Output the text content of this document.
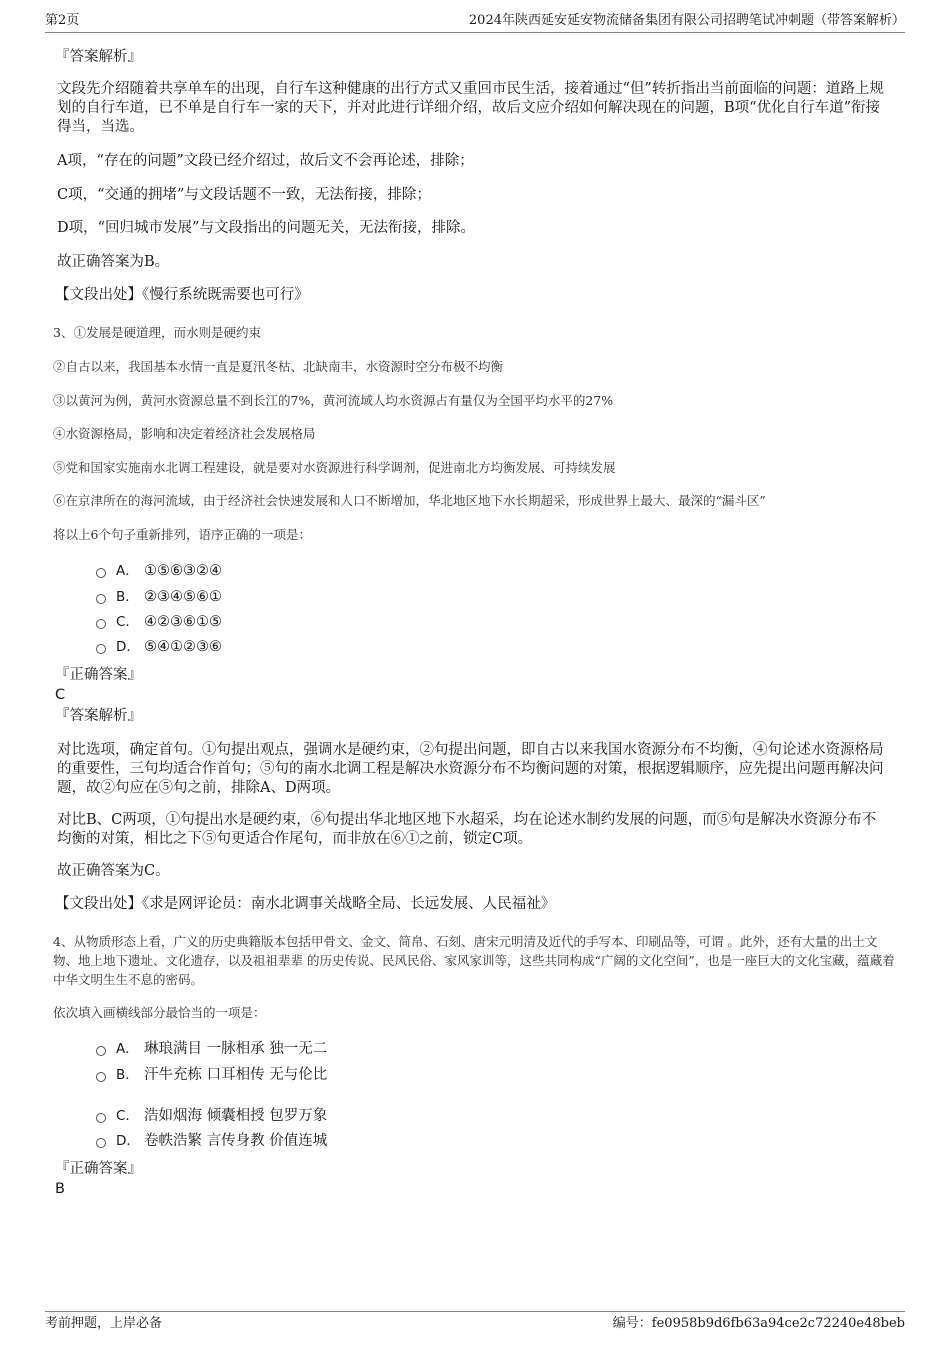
第2页	2024年陕西延安延安物流储备集团有限公司招聘笔试冲刺题（带答案解析）
『答案解析』
文段先介绍随着共享单车的出现，自行车这种健康的出行方式又重回市民生活，接着通过“但”转折指出当前面临的问题：道路上规划的自行车道，已不单是自行车一家的天下，并对此进行详细介绍，故后文应介绍如何解决现在的问题，B项“优化自行车道”衔接得当，当选。
A项，“存在的问题”文段已经介绍过，故后文不会再论述，排除；
C项，“交通的拥堵”与文段话题不一致，无法衔接，排除；
D项，“回归城市发展”与文段指出的问题无关，无法衔接，排除。
故正确答案为B。
【文段出处】《慢行系统既需要也可行》
3、①发展是硬道理，而水则是硬约束
②自古以来，我国基本水情一直是夏汛冬枯、北缺南丰，水资源时空分布极不均衡
③以黄河为例，黄河水资源总量不到长江的7%，黄河流域人均水资源占有量仅为全国平均水平的27%
④水资源格局，影响和决定着经济社会发展格局
⑤党和国家实施南水北调工程建设，就是要对水资源进行科学调剂，促进南北方均衡发展、可持续发展
⑥在京津所在的海河流域，由于经济社会快速发展和人口不断增加，华北地区地下水长期超采，形成世界上最大、最深的“漏斗区”
将以上6个句子重新排列，语序正确的一项是：
A． ①⑤⑥③②④
B． ②③④⑤⑥①
C． ④②③⑥①⑤
D． ⑤④①②③⑥
『正确答案』
C
『答案解析』
对比选项，确定首句。①句提出观点，强调水是硬约束，②句提出问题，即自古以来我国水资源分布不均衡，④句论述水资源格局的重要性，三句均适合作首句；⑤句的南水北调工程是解决水资源分布不均衡问题的对策，根据逻辑顺序，应先提出问题再解决问题，故②句应在⑤句之前，排除A、D两项。
对比B、C两项，①句提出水是硬约束，⑥句提出华北地区地下水超采，均在论述水制约发展的问题，而⑤句是解决水资源分布不均衡的对策，相比之下⑤句更适合作尾句，而非放在⑥①之前，锁定C项。
故正确答案为C。
【文段出处】《求是网评论员：南水北调事关战略全局、长远发展、人民福祉》
4、从物质形态上看，广义的历史典籍版本包括甲骨文、金文、简帛、石刻、唐宋元明清及近代的手写本、印刷品等，可谓 。此外，还有大量的出土文物、地上地下遗址、文化遗存，以及祖祖辈辈 的历史传说、民风民俗、家风家训等，这些共同构成“广阔的文化空间”，也是一座巨大的文化宝藏，蕴藏着中华文明生生不息的密码。
依次填入画横线部分最恰当的一项是：
A． 琳琅满目 一脉相承 独一无二
B． 汗牛充栋 口耳相传 无与伦比
C． 浩如烟海 倾囊相授 包罗万象
D． 卷帙浩繁 言传身教 价值连城
『正确答案』
B
考前押题，上岸必备	编号：fe0958b9d6fb63a94ce2c72240e48beb
